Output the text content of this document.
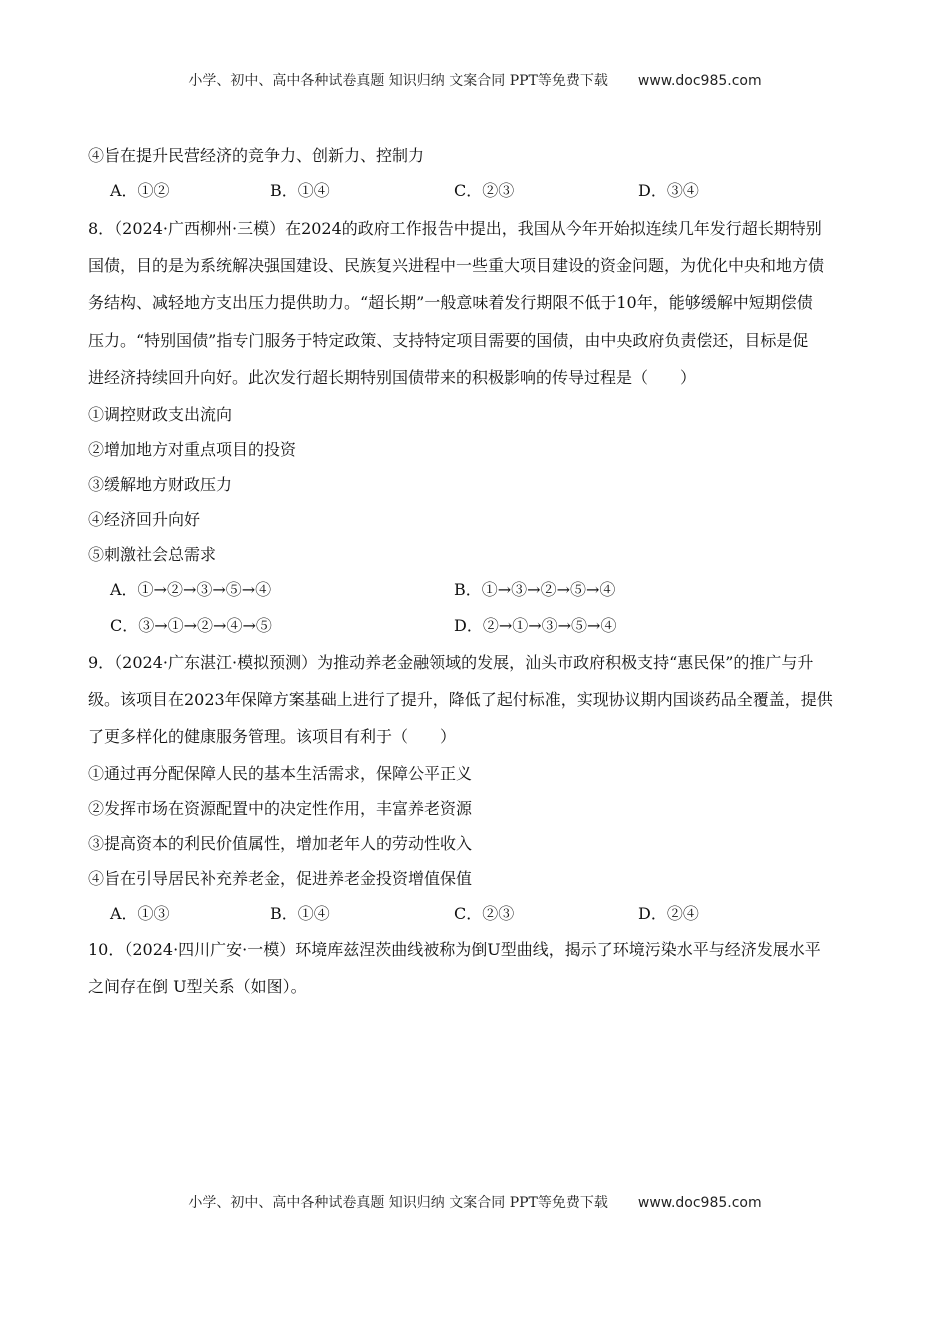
小学、初中、高中各种试卷真题 知识归纳 文案合同 PPT等免费下载 www.doc985.com
④旨在提升民营经济的竞争力、创新力、控制力
A．①②	B．①④	C．②③	D．③④
8．（2024·广西柳州·三模）在2024的政府工作报告中提出，我国从今年开始拟连续几年发行超长期特别
国债，目的是为系统解决强国建设、民族复兴进程中一些重大项目建设的资金问题，为优化中央和地方债
务结构、减轻地方支出压力提供助力。“超长期”一般意味着发行期限不低于10年，能够缓解中短期偿债
压力。“特别国债”指专门服务于特定政策、支持特定项目需要的国债，由中央政府负责偿还，目标是促
进经济持续回升向好。此次发行超长期特别国债带来的积极影响的传导过程是（　　）
①调控财政支出流向
②增加地方对重点项目的投资
③缓解地方财政压力
④经济回升向好
⑤刺激社会总需求
A．①→②→③→⑤→④	B．①→③→②→⑤→④
C．③→①→②→④→⑤	D．②→①→③→⑤→④
9．（2024·广东湛江·模拟预测）为推动养老金融领域的发展，汕头市政府积极支持“惠民保”的推广与升
级。该项目在2023年保障方案基础上进行了提升，降低了起付标准，实现协议期内国谈药品全覆盖，提供
了更多样化的健康服务管理。该项目有利于（　　）
①通过再分配保障人民的基本生活需求，保障公平正义
②发挥市场在资源配置中的决定性作用，丰富养老资源
③提高资本的利民价值属性，增加老年人的劳动性收入
④旨在引导居民补充养老金，促进养老金投资增值保值
A．①③	B．①④	C．②③	D．②④
10．（2024·四川广安·一模）环境库兹涅茨曲线被称为倒U型曲线，揭示了环境污染水平与经济发展水平
之间存在倒 U型关系（如图）。
小学、初中、高中各种试卷真题 知识归纳 文案合同 PPT等免费下载 www.doc985.com
